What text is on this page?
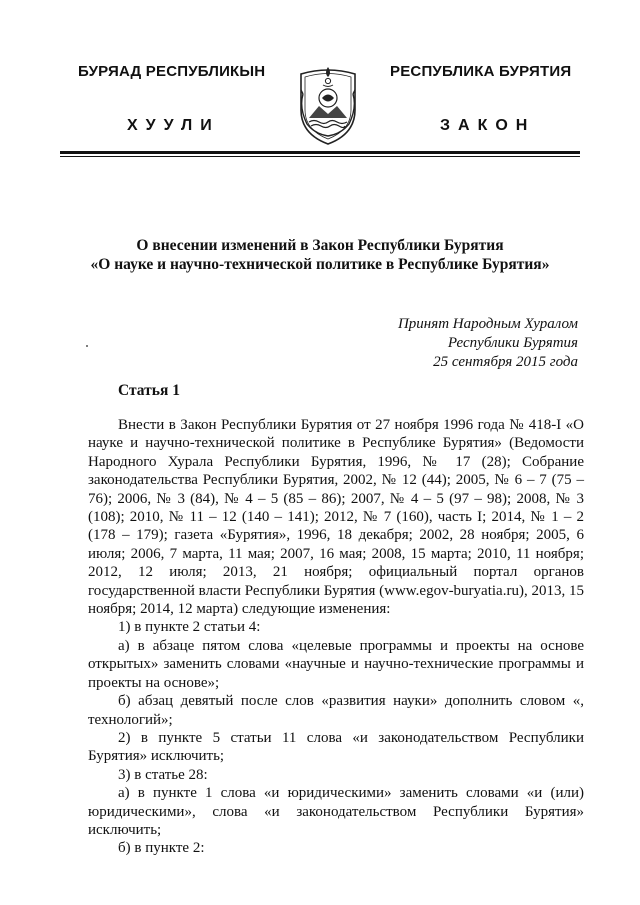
БУРЯАД РЕСПУБЛИКЫН
ХУУЛИ
РЕСПУБЛИКА БУРЯТИЯ
ЗАКОН
О внесении изменений в Закон Республики Бурятия
«О науке и научно-технической политике в Республике Бурятия»
Принят Народным Хуралом
Республики Бурятия
25 сентября 2015 года
Статья 1

Внести в Закон Республики Бурятия от 27 ноября 1996 года № 418-I «О науке и научно-технической политике в Республике Бурятия» (Ведомости Народного Хурала Республики Бурятия, 1996, № 17 (28); Собрание законодательства Республики Бурятия, 2002, № 12 (44); 2005, № 6 – 7 (75 – 76); 2006, № 3 (84), № 4 – 5 (85 – 86); 2007, № 4 – 5 (97 – 98); 2008, № 3 (108); 2010, № 11 – 12 (140 – 141); 2012, № 7 (160), часть I; 2014, № 1 – 2 (178 – 179); газета «Бурятия», 1996, 18 декабря; 2002, 28 ноября; 2005, 6 июля; 2006, 7 марта, 11 мая; 2007, 16 мая; 2008, 15 марта; 2010, 11 ноября; 2012, 12 июля; 2013, 21 ноября; официальный портал органов государственной власти Республики Бурятия (www.egov-buryatia.ru), 2013, 15 ноября; 2014, 12 марта) следующие изменения:

1) в пункте 2 статьи 4:

а) в абзаце пятом слова «целевые программы и проекты на основе открытых» заменить словами «научные и научно-технические программы и проекты на основе»;

б) абзац девятый после слов «развития науки» дополнить словом «, технологий»;

2) в пункте 5 статьи 11 слова «и законодательством Республики Бурятия» исключить;

3) в статье 28:

а) в пункте 1 слова «и юридическими» заменить словами «и (или) юридическими», слова «и законодательством Республики Бурятия» исключить;

б) в пункте 2:
